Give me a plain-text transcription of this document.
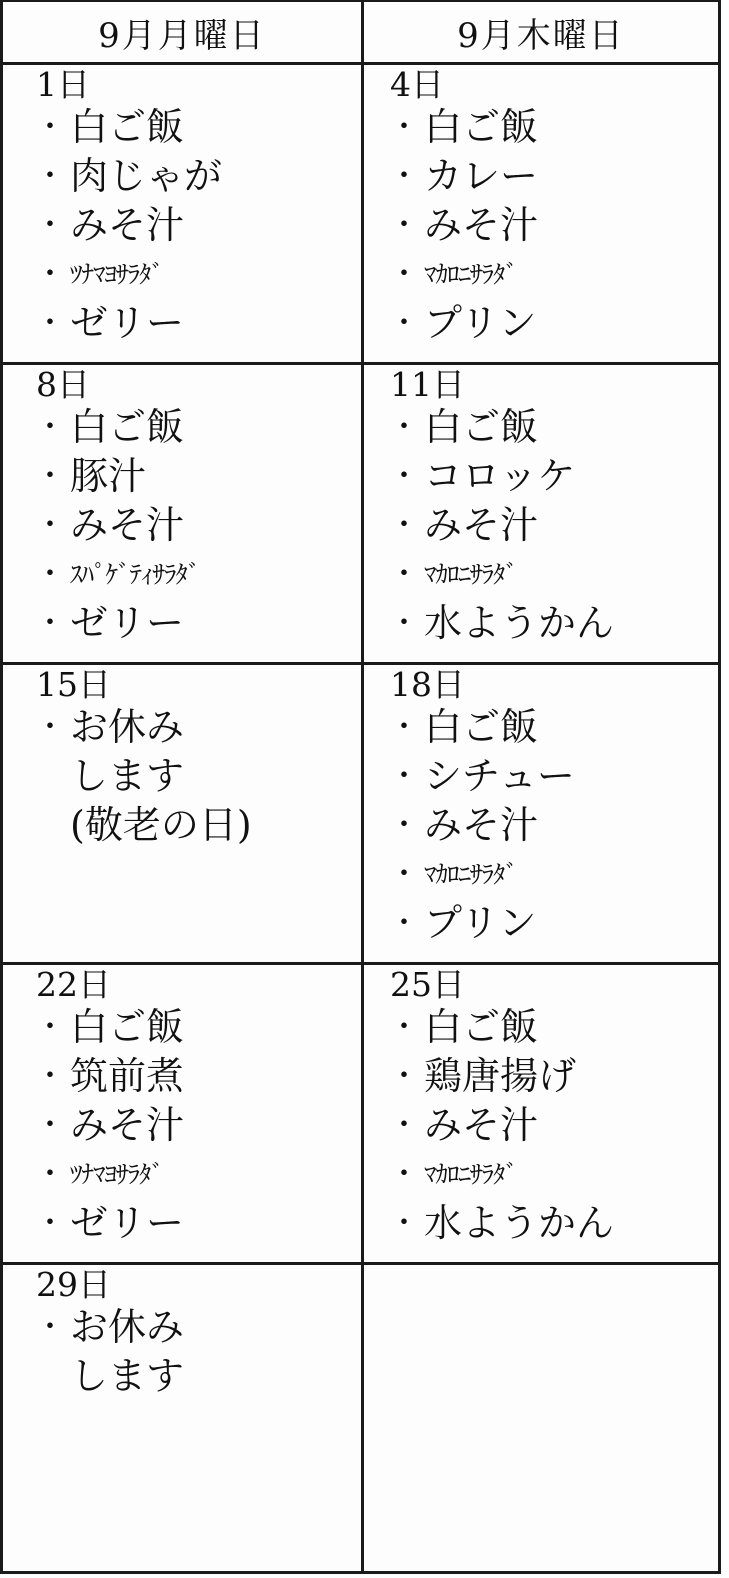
9月月曜日	9月木曜日
1日
・ 白ご飯
・ 肉じゃが
・ みそ汁
・ ﾂﾅﾏﾖｻﾗﾀﾞ
・ ゼリー
4日
・ 白ご飯
・ カレー
・ みそ汁
・ ﾏｶﾛﾆｻﾗﾀﾞ
・ プリン
8日
・ 白ご飯
・ 豚汁
・ みそ汁
・ ｽﾊﾟｹﾞﾃｨｻﾗﾀﾞ
・ ゼリー
11日
・ 白ご飯
・ コロッケ
・ みそ汁
・ ﾏｶﾛﾆｻﾗﾀﾞ
・ 水ようかん
15日
・ お休み
します
(敬老の日)
18日
・ 白ご飯
・ シチュー
・ みそ汁
・ ﾏｶﾛﾆｻﾗﾀﾞ
・ プリン
22日
・ 白ご飯
・ 筑前煮
・ みそ汁
・ ﾂﾅﾏﾖｻﾗﾀﾞ
・ ゼリー
25日
・ 白ご飯
・ 鶏唐揚げ
・ みそ汁
・ ﾏｶﾛﾆｻﾗﾀﾞ
・ 水ようかん
29日
・ お休み
します
